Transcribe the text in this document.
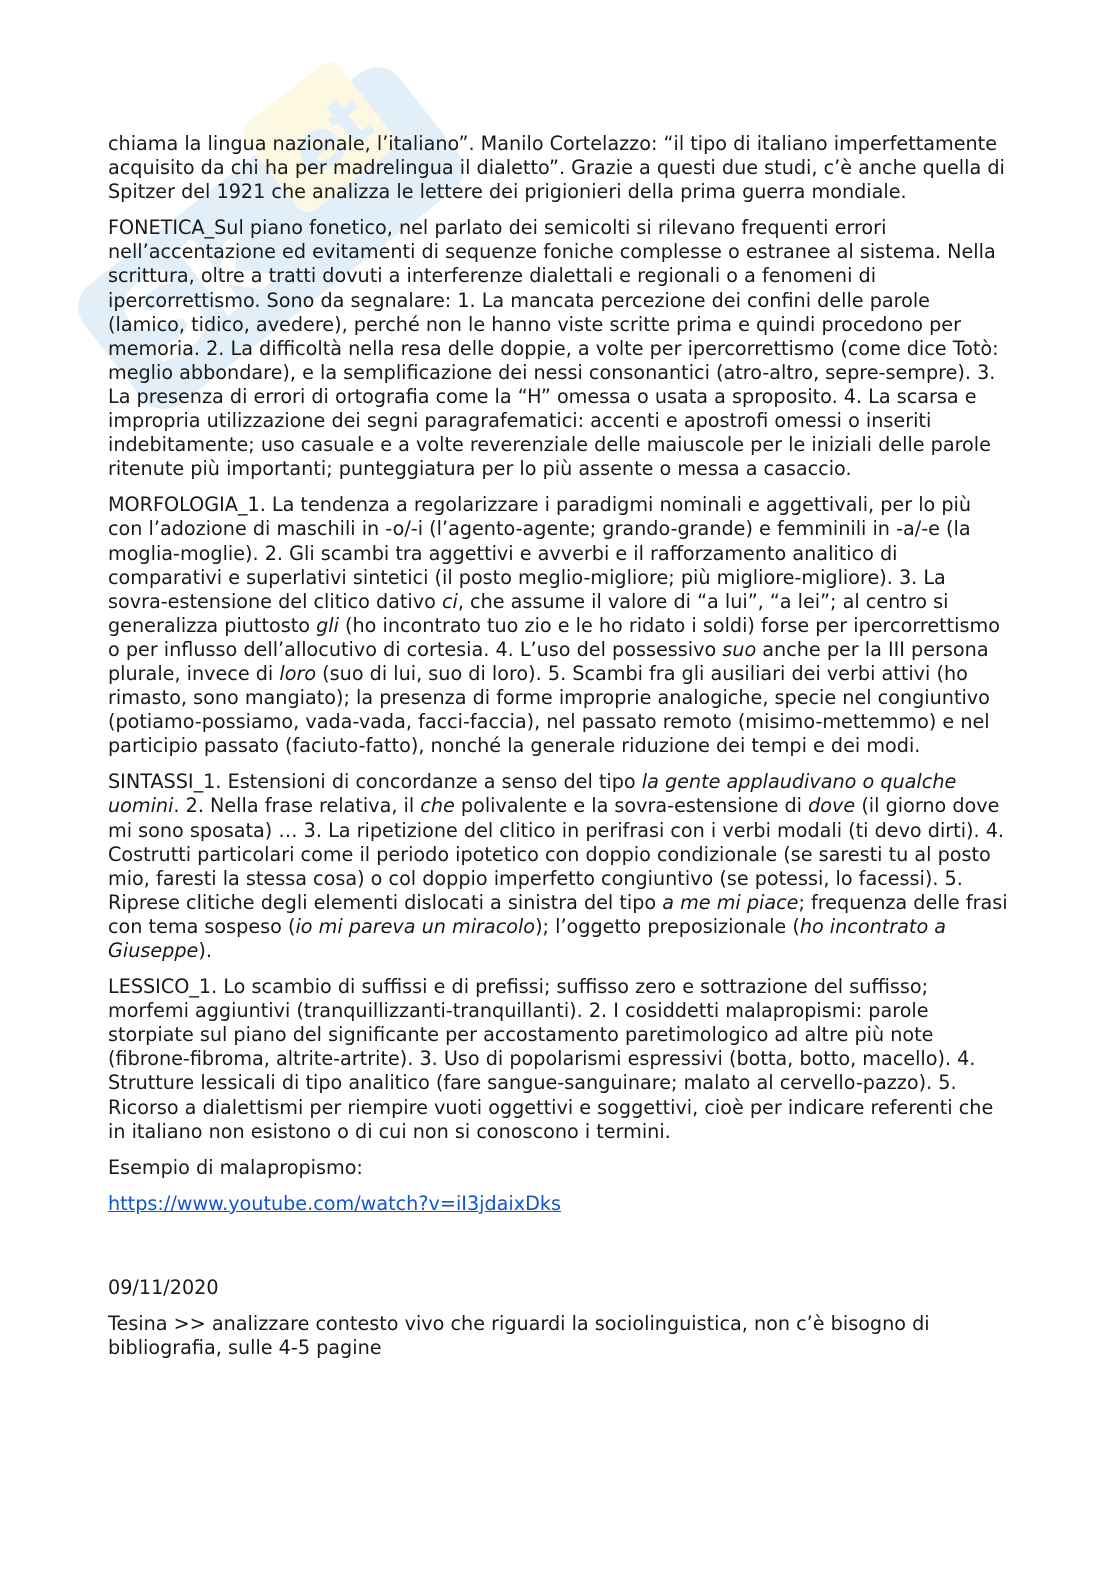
Sk
et

chiama la lingua nazionale, l’italiano”. Manilo Cortelazzo: “il tipo di italiano imperfettamente acquisito da chi ha per madrelingua il dialetto”. Grazie a questi due studi, c’è anche quella di Spitzer del 1921 che analizza le lettere dei prigionieri della prima guerra mondiale.

FONETICA_Sul piano fonetico, nel parlato dei semicolti si rilevano frequenti errori nell’accentazione ed evitamenti di sequenze foniche complesse o estranee al sistema. Nella scrittura, oltre a tratti dovuti a interferenze dialettali e regionali o a fenomeni di ipercorrettismo. Sono da segnalare: 1. La mancata percezione dei confini delle parole (lamico, tidico, avedere), perché non le hanno viste scritte prima e quindi procedono per memoria. 2. La difficoltà nella resa delle doppie, a volte per ipercorrettismo (come dice Totò: meglio abbondare), e la semplificazione dei nessi consonantici (atro-altro, sepre-sempre). 3. La presenza di errori di ortografia come la “H” omessa o usata a sproposito. 4. La scarsa e impropria utilizzazione dei segni paragrafematici: accenti e apostrofi omessi o inseriti indebitamente; uso casuale e a volte reverenziale delle maiuscole per le iniziali delle parole ritenute più importanti; punteggiatura per lo più assente o messa a casaccio.

MORFOLOGIA_1. La tendenza a regolarizzare i paradigmi nominali e aggettivali, per lo più con l’adozione di maschili in -o/-i (l’agento-agente; grando-grande) e femminili in -a/-e (la moglia-moglie). 2. Gli scambi tra aggettivi e avverbi e il rafforzamento analitico di comparativi e superlativi sintetici (il posto meglio-migliore; più migliore-migliore). 3. La sovra-estensione del clitico dativo ci, che assume il valore di “a lui”, “a lei”; al centro si generalizza piuttosto gli (ho incontrato tuo zio e le ho ridato i soldi) forse per ipercorrettismo o per influsso dell’allocutivo di cortesia. 4. L’uso del possessivo suo anche per la III persona plurale, invece di loro (suo di lui, suo di loro). 5. Scambi fra gli ausiliari dei verbi attivi (ho rimasto, sono mangiato); la presenza di forme improprie analogiche, specie nel congiuntivo (potiamo-possiamo, vada-vada, facci-faccia), nel passato remoto (misimo-mettemmo) e nel participio passato (faciuto-fatto), nonché la generale riduzione dei tempi e dei modi.

SINTASSI_1. Estensioni di concordanze a senso del tipo la gente applaudivano o qualche uomini. 2. Nella frase relativa, il che polivalente e la sovra-estensione di dove (il giorno dove mi sono sposata) … 3. La ripetizione del clitico in perifrasi con i verbi modali (ti devo dirti). 4. Costrutti particolari come il periodo ipotetico con doppio condizionale (se saresti tu al posto mio, faresti la stessa cosa) o col doppio imperfetto congiuntivo (se potessi, lo facessi). 5. Riprese clitiche degli elementi dislocati a sinistra del tipo a me mi piace; frequenza delle frasi con tema sospeso (io mi pareva un miracolo); l’oggetto preposizionale (ho incontrato a Giuseppe).

LESSICO_1. Lo scambio di suffissi e di prefissi; suffisso zero e sottrazione del suffisso; morfemi aggiuntivi (tranquillizzanti-tranquillanti). 2. I cosiddetti malapropismi: parole storpiate sul piano del significante per accostamento paretimologico ad altre più note (fibrone-fibroma, altrite-artrite). 3. Uso di popolarismi espressivi (botta, botto, macello). 4. Strutture lessicali di tipo analitico (fare sangue-sanguinare; malato al cervello-pazzo). 5. Ricorso a dialettismi per riempire vuoti oggettivi e soggettivi, cioè per indicare referenti che in italiano non esistono o di cui non si conoscono i termini.

Esempio di malapropismo:

https://www.youtube.com/watch?v=iI3jdaixDks

09/11/2020

Tesina >> analizzare contesto vivo che riguardi la sociolinguistica, non c’è bisogno di bibliografia, sulle 4-5 pagine
